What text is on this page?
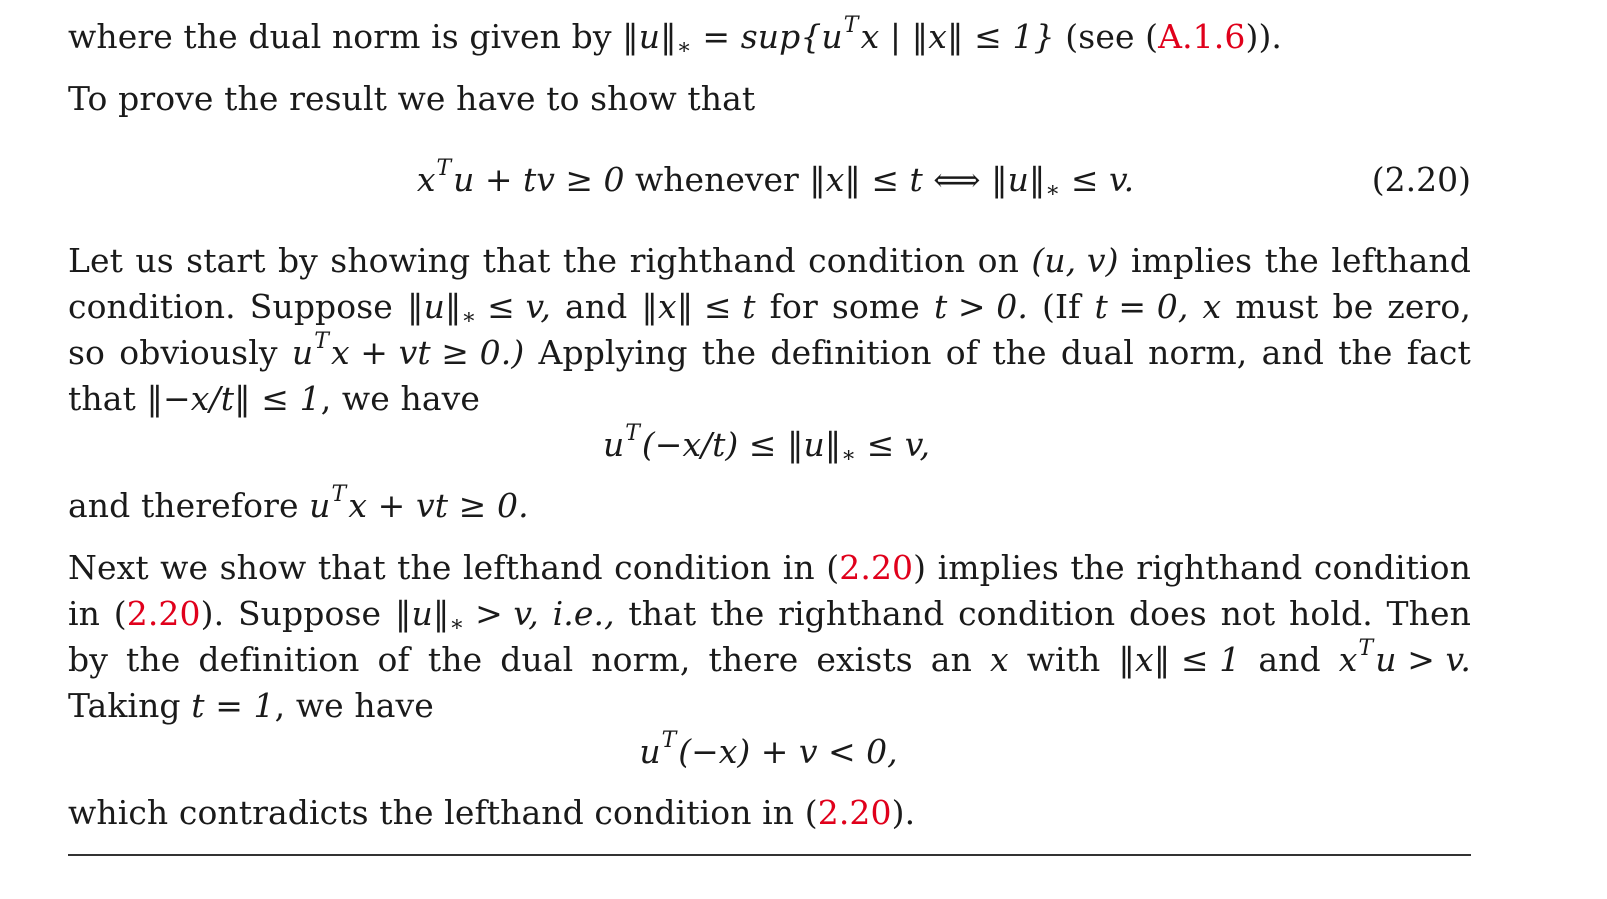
where the dual norm is given by $‖u‖_∗ = sup\{u^Tx$ | ‖x‖ ≤ 1} (see (A.1.6)).
To prove the result we have to show that
$x^Tu$ + tv ≥ 0 whenever ‖x‖ ≤ t ⟺ $‖u‖_∗ \le v$.	(2.20)
Let us start by showing that the righthand condition on (u, v) implies the lefthand
condition. Suppose $‖u‖_∗ \le v$, and ‖x‖ ≤ t for some t > 0. (If t = 0, x must be zero,
so obviously $u^Tx$ + vt ≥ 0.) Applying the definition of the dual norm, and the fact
that ‖−x/t‖ ≤ 1, we have
$u^T(-x/t)$ ≤ $‖u‖_∗ \le v$,
and therefore $u^Tx$ + vt ≥ 0.
Next we show that the lefthand condition in (2.20) implies the righthand condition
in (2.20). Suppose $‖u‖_∗ > v$, i.e., that the righthand condition does not hold. Then
by the definition of the dual norm, there exists an x with ‖x‖ ≤ 1 and $x^Tu > v$.
Taking t = 1, we have
$u^T(-x) + v < 0$,
which contradicts the lefthand condition in (2.20).
